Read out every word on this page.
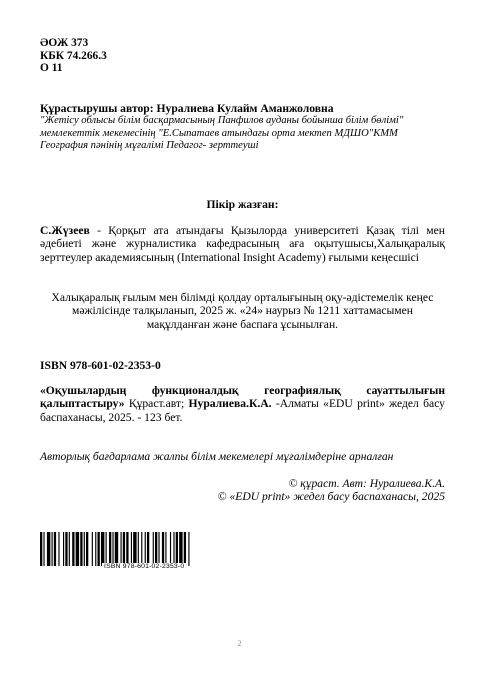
ӘОЖ 373
КБК 74.266.3
О 11
Құрастырушы автор: Нуралиева Кулайм Аманжоловна
"Жетісу облысы білім басқармасының Панфилов ауданы бойынша білім бөлімі" мемлекеттік мекемесінің "Е.Сыпатаев атындағы орта мектеп МДШО"КММ География пәнінің мұғалімі Педагог- зерттеуші
Пікір жазған:
С.Жүзеев - Қорқыт ата атындағы Қызылорда университеті Қазақ тілі мен әдебиеті және журналистика кафедрасының аға оқытушысы,Халықаралық зерттеулер академиясының (International Insight Academy) ғылыми кеңесшісі
Халықаралық ғылым мен білімді қолдау орталығының оқу-әдістемелік кеңес мәжілісінде талқыланып, 2025 ж. «24» наурыз № 1211 хаттамасымен мақұлданған және баспаға ұсынылған.
ISBN 978-601-02-2353-0
«Оқушылардың функционалдық географиялық сауаттылығын қалыптастыру» Құраст.авт; Нуралиева.К.А. -Алматы «EDU print» жедел басу баспаханасы, 2025. - 123 бет.
Авторлық бағдарлама жалпы білім мекемелері мұғалімдеріне арналған
© құраст. Авт: Нуралиева.К.А.
© «EDU print» жедел басу баспаханасы, 2025
ISBN 978-601-02-2353-0
2
